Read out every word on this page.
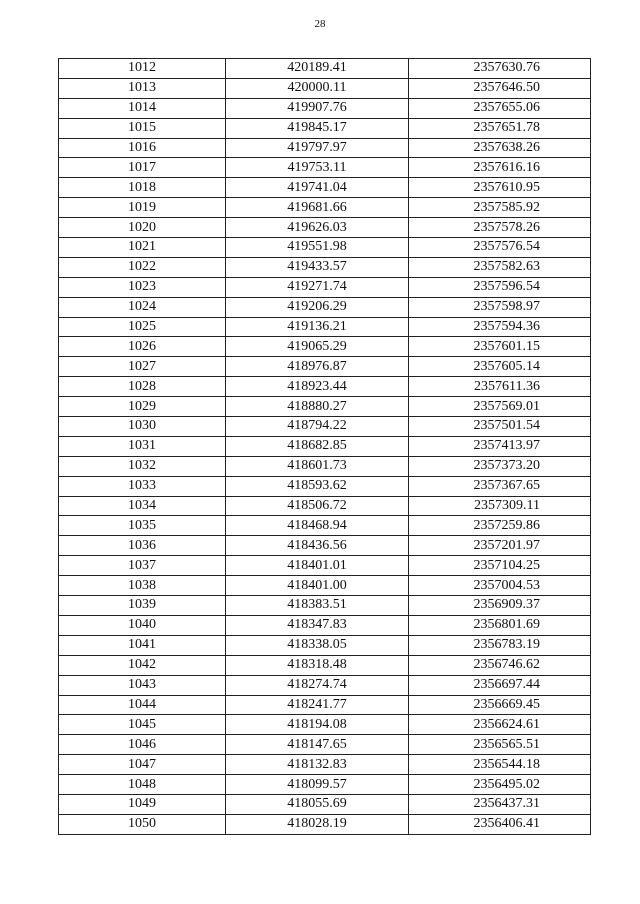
28
1012	420189.41	2357630.76
1013	420000.11	2357646.50
1014	419907.76	2357655.06
1015	419845.17	2357651.78
1016	419797.97	2357638.26
1017	419753.11	2357616.16
1018	419741.04	2357610.95
1019	419681.66	2357585.92
1020	419626.03	2357578.26
1021	419551.98	2357576.54
1022	419433.57	2357582.63
1023	419271.74	2357596.54
1024	419206.29	2357598.97
1025	419136.21	2357594.36
1026	419065.29	2357601.15
1027	418976.87	2357605.14
1028	418923.44	2357611.36
1029	418880.27	2357569.01
1030	418794.22	2357501.54
1031	418682.85	2357413.97
1032	418601.73	2357373.20
1033	418593.62	2357367.65
1034	418506.72	2357309.11
1035	418468.94	2357259.86
1036	418436.56	2357201.97
1037	418401.01	2357104.25
1038	418401.00	2357004.53
1039	418383.51	2356909.37
1040	418347.83	2356801.69
1041	418338.05	2356783.19
1042	418318.48	2356746.62
1043	418274.74	2356697.44
1044	418241.77	2356669.45
1045	418194.08	2356624.61
1046	418147.65	2356565.51
1047	418132.83	2356544.18
1048	418099.57	2356495.02
1049	418055.69	2356437.31
1050	418028.19	2356406.41
